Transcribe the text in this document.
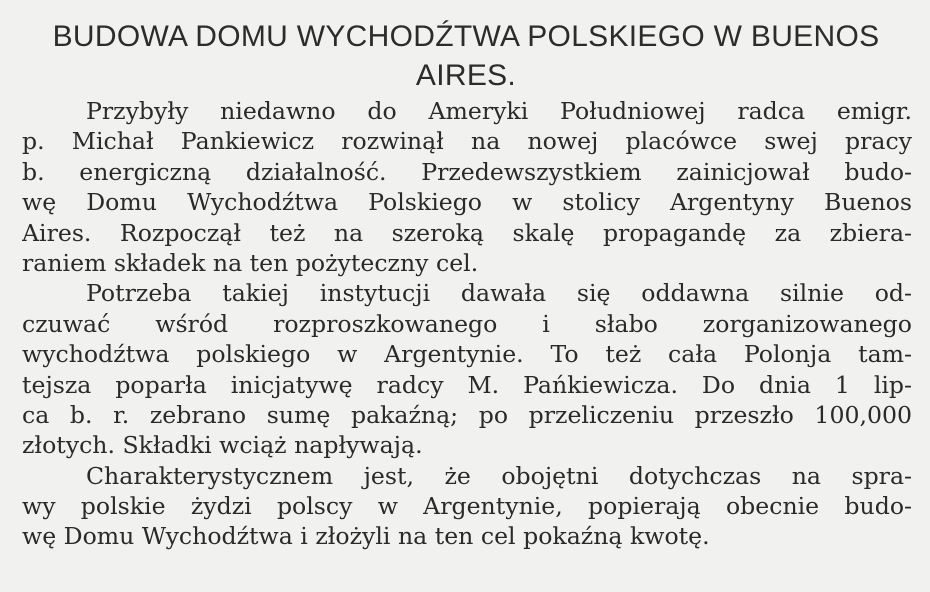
BUDOWA DOMU WYCHODŹTWA POLSKIEGO W BUENOS
AIRES.
Przybyły niedawno do Ameryki Południowej radca emigr.
p. Michał Pankiewicz rozwinął na nowej placówce swej pracy
b. energiczną działalność. Przedewszystkiem zainicjował budo-
wę Domu Wychodźtwa Polskiego w stolicy Argentyny Buenos
Aires. Rozpoczął też na szeroką skalę propagandę za zbiera-
raniem składek na ten pożyteczny cel.
Potrzeba takiej instytucji dawała się oddawna silnie od-
czuwać wśród rozproszkowanego i słabo zorganizowanego
wychodźtwa polskiego w Argentynie. To też cała Polonja tam-
tejsza poparła inicjatywę radcy M. Pańkiewicza. Do dnia 1 lip-
ca b. r. zebrano sumę pakaźną; po przeliczeniu przeszło 100,000
złotych. Składki wciąż napływają.
Charakterystycznem jest, że obojętni dotychczas na spra-
wy polskie żydzi polscy w Argentynie, popierają obecnie budo-
wę Domu Wychodźtwa i złożyli na ten cel pokaźną kwotę.
